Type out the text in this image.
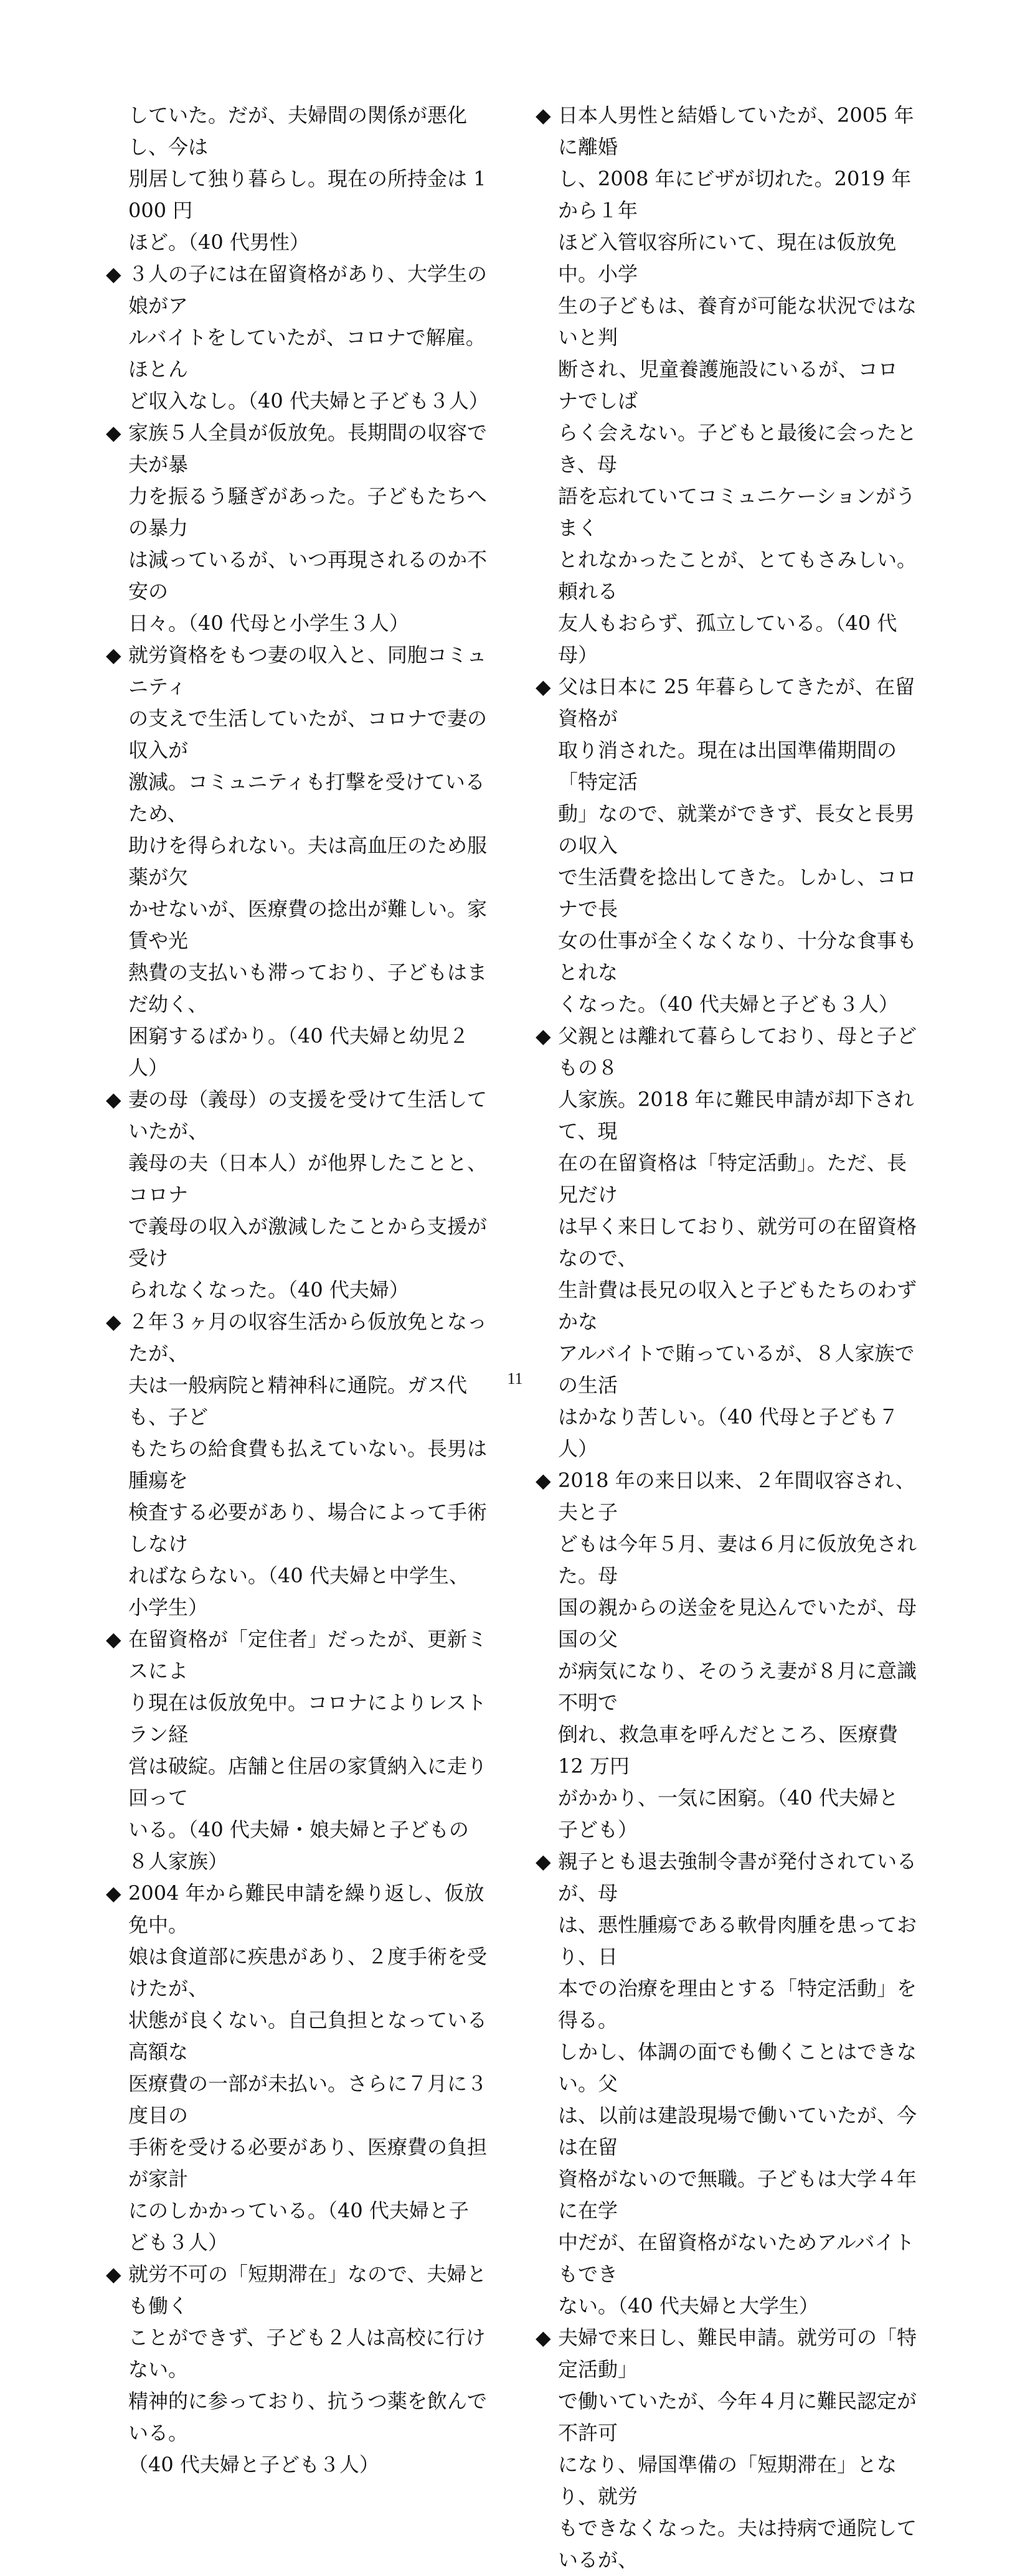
していた。だが、夫婦間の関係が悪化し、今は
別居して独り暮らし。現在の所持金は 1000 円
ほど。（40 代男性）
◆ ３人の子には在留資格があり、大学生の娘がア
ルバイトをしていたが、コロナで解雇。ほとん
ど収入なし。（40 代夫婦と子ども３人）
◆ 家族５人全員が仮放免。長期間の収容で夫が暴
力を振るう騒ぎがあった。子どもたちへの暴力
は減っているが、いつ再現されるのか不安の
日々。（40 代母と小学生３人）
◆ 就労資格をもつ妻の収入と、同胞コミュニティ
の支えで生活していたが、コロナで妻の収入が
激減。コミュニティも打撃を受けているため、
助けを得られない。夫は高血圧のため服薬が欠
かせないが、医療費の捻出が難しい。家賃や光
熱費の支払いも滞っており、子どもはまだ幼く、
困窮するばかり。（40 代夫婦と幼児２人）
◆ 妻の母（義母）の支援を受けて生活していたが、
義母の夫（日本人）が他界したことと、コロナ
で義母の収入が激減したことから支援が受け
られなくなった。（40 代夫婦）
◆ ２年３ヶ月の収容生活から仮放免となったが、
夫は一般病院と精神科に通院。ガス代も、子ど
もたちの給食費も払えていない。長男は腫瘍を
検査する必要があり、場合によって手術しなけ
ればならない。（40 代夫婦と中学生、小学生）
◆ 在留資格が「定住者」だったが、更新ミスによ
り現在は仮放免中。コロナによりレストラン経
営は破綻。店舗と住居の家賃納入に走り回って
いる。（40 代夫婦・娘夫婦と子どもの８人家族）
◆ 2004 年から難民申請を繰り返し、仮放免中。
娘は食道部に疾患があり、２度手術を受けたが、
状態が良くない。自己負担となっている高額な
医療費の一部が未払い。さらに７月に３度目の
手術を受ける必要があり、医療費の負担が家計
にのしかかっている。（40 代夫婦と子ども３人）
◆ 就労不可の「短期滞在」なので、夫婦とも働く
ことができず、子ども２人は高校に行けない。
精神的に参っており、抗うつ薬を飲んでいる。
（40 代夫婦と子ども３人）
◆ 日本人男性と結婚していたが、2005 年に離婚
し、2008 年にビザが切れた。2019 年から１年
ほど入管収容所にいて、現在は仮放免中。小学
生の子どもは、養育が可能な状況ではないと判
断され、児童養護施設にいるが、コロナでしば
らく会えない。子どもと最後に会ったとき、母
語を忘れていてコミュニケーションがうまく
とれなかったことが、とてもさみしい。頼れる
友人もおらず、孤立している。（40 代母）
◆ 父は日本に 25 年暮らしてきたが、在留資格が
取り消された。現在は出国準備期間の「特定活
動」なので、就業ができず、長女と長男の収入
で生活費を捻出してきた。しかし、コロナで長
女の仕事が全くなくなり、十分な食事もとれな
くなった。（40 代夫婦と子ども３人）
◆ 父親とは離れて暮らしており、母と子どもの８
人家族。2018 年に難民申請が却下されて、現
在の在留資格は「特定活動」。ただ、長兄だけ
は早く来日しており、就労可の在留資格なので、
生計費は長兄の収入と子どもたちのわずかな
アルバイトで賄っているが、８人家族での生活
はかなり苦しい。（40 代母と子ども７人）
◆ 2018 年の来日以来、２年間収容され、夫と子
どもは今年５月、妻は６月に仮放免された。母
国の親からの送金を見込んでいたが、母国の父
が病気になり、そのうえ妻が８月に意識不明で
倒れ、救急車を呼んだところ、医療費 12 万円
がかかり、一気に困窮。（40 代夫婦と子ども）
◆ 親子とも退去強制令書が発付されているが、母
は、悪性腫瘍である軟骨肉腫を患っており、日
本での治療を理由とする「特定活動」を得る。
しかし、体調の面でも働くことはできない。父
は、以前は建設現場で働いていたが、今は在留
資格がないので無職。子どもは大学４年に在学
中だが、在留資格がないためアルバイトもでき
ない。（40 代夫婦と大学生）
◆ 夫婦で来日し、難民申請。就労可の「特定活動」
で働いていたが、今年４月に難民認定が不許可
になり、帰国準備の「短期滞在」となり、就労
もできなくなった。夫は持病で通院しているが、
11
